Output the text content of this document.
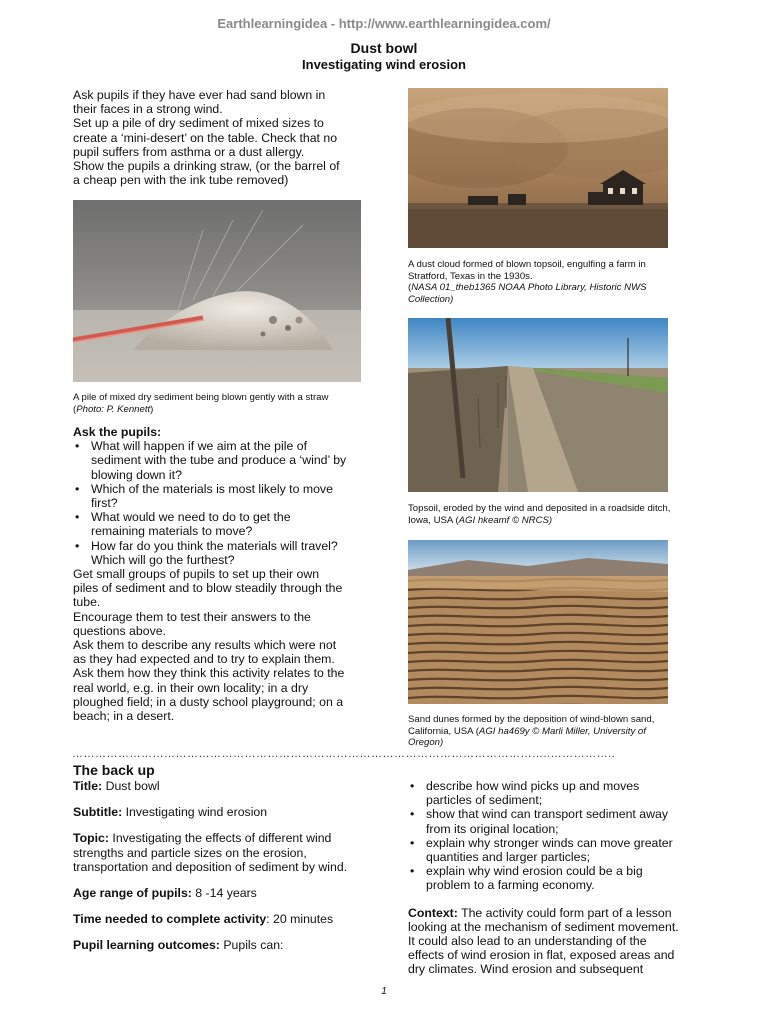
Earthlearningidea - http://www.earthlearningidea.com/
Dust bowl
Investigating wind erosion
Ask pupils if they have ever had sand blown in
their faces in a strong wind.
Set up a pile of dry sediment of mixed sizes to
create a ‘mini-desert’ on the table. Check that no
pupil suffers from asthma or a dust allergy.
Show the pupils a drinking straw, (or the barrel of
a cheap pen with the ink tube removed)
A pile of mixed dry sediment being blown gently with a straw
(Photo: P. Kennett)
Ask the pupils:
• What will happen if we aim at the pile of
sediment with the tube and produce a ‘wind’ by
blowing down it?
• Which of the materials is most likely to move
first?
• What would we need to do to get the
remaining materials to move?
• How far do you think the materials will travel?
Which will go the furthest?
Get small groups of pupils to set up their own
piles of sediment and to blow steadily through the
tube.
Encourage them to test their answers to the
questions above.
Ask them to describe any results which were not
as they had expected and to try to explain them.
Ask them how they think this activity relates to the
real world, e.g. in their own locality; in a dry
ploughed field; in a dusty school playground; on a
beach; in a desert.
A dust cloud formed of blown topsoil, engulfing a farm in
Stratford, Texas in the 1930s.
(NASA 01_theb1365 NOAA Photo Library, Historic NWS
Collection)
Topsoil, eroded by the wind and deposited in a roadside ditch,
Iowa, USA (AGI hkeamf © NRCS)
Sand dunes formed by the deposition of wind-blown sand,
California, USA (AGI ha469y © Marli Miller, University of
Oregon)
……………………………………………………………………………………………………………..……………..
The back up
Title: Dust bowl
Subtitle: Investigating wind erosion
Topic: Investigating the effects of different wind
strengths and particle sizes on the erosion,
transportation and deposition of sediment by wind.
Age range of pupils: 8 -14 years
Time needed to complete activity: 20 minutes
Pupil learning outcomes: Pupils can:
• describe how wind picks up and moves
particles of sediment;
• show that wind can transport sediment away
from its original location;
• explain why stronger winds can move greater
quantities and larger particles;
• explain why wind erosion could be a big
problem to a farming economy.
Context: The activity could form part of a lesson
looking at the mechanism of sediment movement.
It could also lead to an understanding of the
effects of wind erosion in flat, exposed areas and
dry climates. Wind erosion and subsequent
1
